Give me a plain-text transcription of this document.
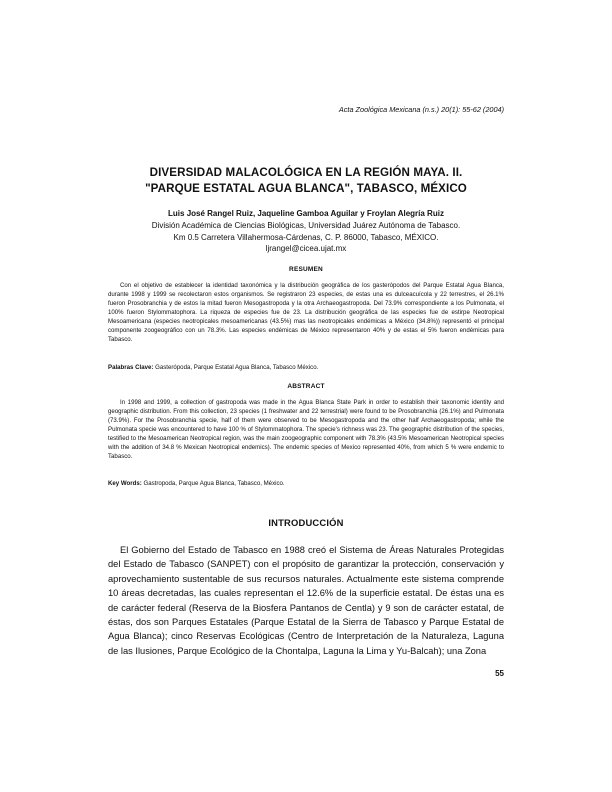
Acta Zoológica Mexicana (n.s.) 20(1): 55-62 (2004)
DIVERSIDAD MALACOLÓGICA EN LA REGIÓN MAYA. II.
"PARQUE ESTATAL AGUA BLANCA", TABASCO, MÉXICO
Luis José Rangel Ruiz, Jaqueline Gamboa Aguilar y Froylan Alegría Ruiz
División Académica de Ciencias Biológicas, Universidad Juárez Autónoma de Tabasco.
Km 0.5 Carretera Villahermosa-Cárdenas, C. P. 86000, Tabasco, MÉXICO.
ljrangel@cicea.ujat.mx
RESUMEN

Con el objetivo de establecer la identidad taxonómica y la distribución geográfica de los gasterópodos del Parque Estatal Agua Blanca, durante 1998 y 1999 se recolectaron estos organismos. Se registraron 23 especies, de estas una es dulceacuícola y 22 terrestres, el 26.1% fueron Prosobranchia y de estos la mitad fueron Mesogastropoda y la otra Archaeogastropoda. Del 73.9% correspondiente a los Pulmonata, el 100% fueron Stylommatophora. La riqueza de especies fue de 23. La distribución geográfica de las especies fue de estirpe Neotropical Mesoamericana (especies neotropicales mesoamericanas (43.5%) mas las neotropicales endémicas a México (34.8%)) representó el principal componente zoogeográfico con un 78.3%. Las especies endémicas de México representaron 40% y de estas el 5% fueron endémicas para Tabasco.

Palabras Clave: Gasterópoda, Parque Estatal Agua Blanca, Tabasco México.

ABSTRACT

In 1998 and 1999, a collection of gastropoda was made in the Agua Blanca State Park in order to establish their taxonomic identity and geographic distribution. From this collection, 23 species (1 freshwater and 22 terrestrial) were found to be Prosobranchia (26.1%) and Pulmonata (73.9%). For the Prosobranchia specie, half of them were observed to be Mesogastropoda and the other half Archaeogastropoda; while the Pulmonata specie was encountered to have 100 % of Stylommatophora. The specie's richness was 23. The geographic distribution of the species, testified to the Mesoamerican Neotropical region, was the main zoogeographic component with 78.3% (43.5% Mesoamerican Neotropical species with the addition of 34.8 % Mexican Neotropical endemics). The endemic species of Mexico represented 40%, from which 5 % were endemic to Tabasco.

Key Words: Gastropoda, Parque Agua Blanca, Tabasco, México.

INTRODUCCIÓN

El Gobierno del Estado de Tabasco en 1988 creó el Sistema de Áreas Naturales Protegidas del Estado de Tabasco (SANPET) con el propósito de garantizar la protección, conservación y aprovechamiento sustentable de sus recursos naturales. Actualmente este sistema comprende 10 áreas decretadas, las cuales representan el 12.6% de la superficie estatal. De éstas una es de carácter federal (Reserva de la Biosfera Pantanos de Centla) y 9 son de carácter estatal, de éstas, dos son Parques Estatales (Parque Estatal de la Sierra de Tabasco y Parque Estatal de Agua Blanca); cinco Reservas Ecológicas (Centro de Interpretación de la Naturaleza, Laguna de las Ilusiones, Parque Ecológico de la Chontalpa, Laguna la Lima y Yu-Balcah); una Zona

55
